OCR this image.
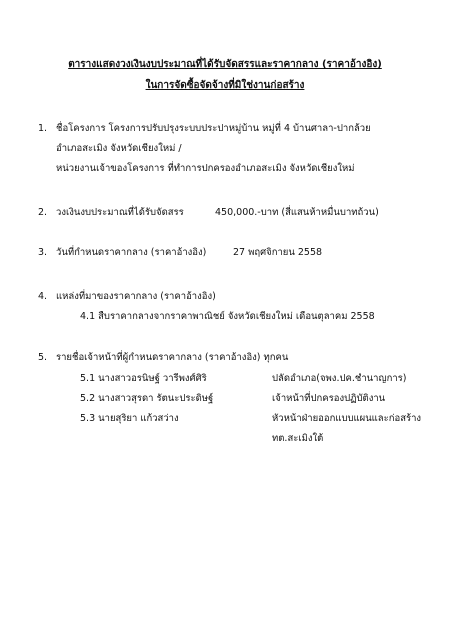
ตารางแสดงวงเงินงบประมาณที่ได้รับจัดสรรและราคากลาง (ราคาอ้างอิง)
ในการจัดซื้อจัดจ้างที่มิใช่งานก่อสร้าง
1. ชื่อโครงการ โครงการปรับปรุงระบบประปาหมู่บ้าน หมู่ที่ 4 บ้านศาลา-ปากล้วย
อำเภอสะเมิง จังหวัดเชียงใหม่ /
หน่วยงานเจ้าของโครงการ ที่ทำการปกครองอำเภอสะเมิง จังหวัดเชียงใหม่
2. วงเงินงบประมาณที่ได้รับจัดสรร	450,000.-บาท (สี่แสนห้าหมื่นบาทถ้วน)
3. วันที่กำหนดราคากลาง (ราคาอ้างอิง)	27 พฤศจิกายน 2558
4. แหล่งที่มาของราคากลาง (ราคาอ้างอิง)
4.1 สืบราคากลางจากราคาพาณิชย์ จังหวัดเชียงใหม่ เดือนตุลาคม 2558
5. รายชื่อเจ้าหน้าที่ผู้กำหนดราคากลาง (ราคาอ้างอิง) ทุกคน
5.1 นางสาวอรนิษฐ์ วารีพงศ์ศิริ	ปลัดอำเภอ(จพง.ปค.ชำนาญการ)
5.2 นางสาวสุรดา รัตนะประดิษฐ์	เจ้าหน้าที่ปกครองปฏิบัติงาน
5.3 นายสุริยา แก้วสว่าง	หัวหน้าฝ่ายออกแบบแผนและก่อสร้าง
ทต.สะเมิงใต้
